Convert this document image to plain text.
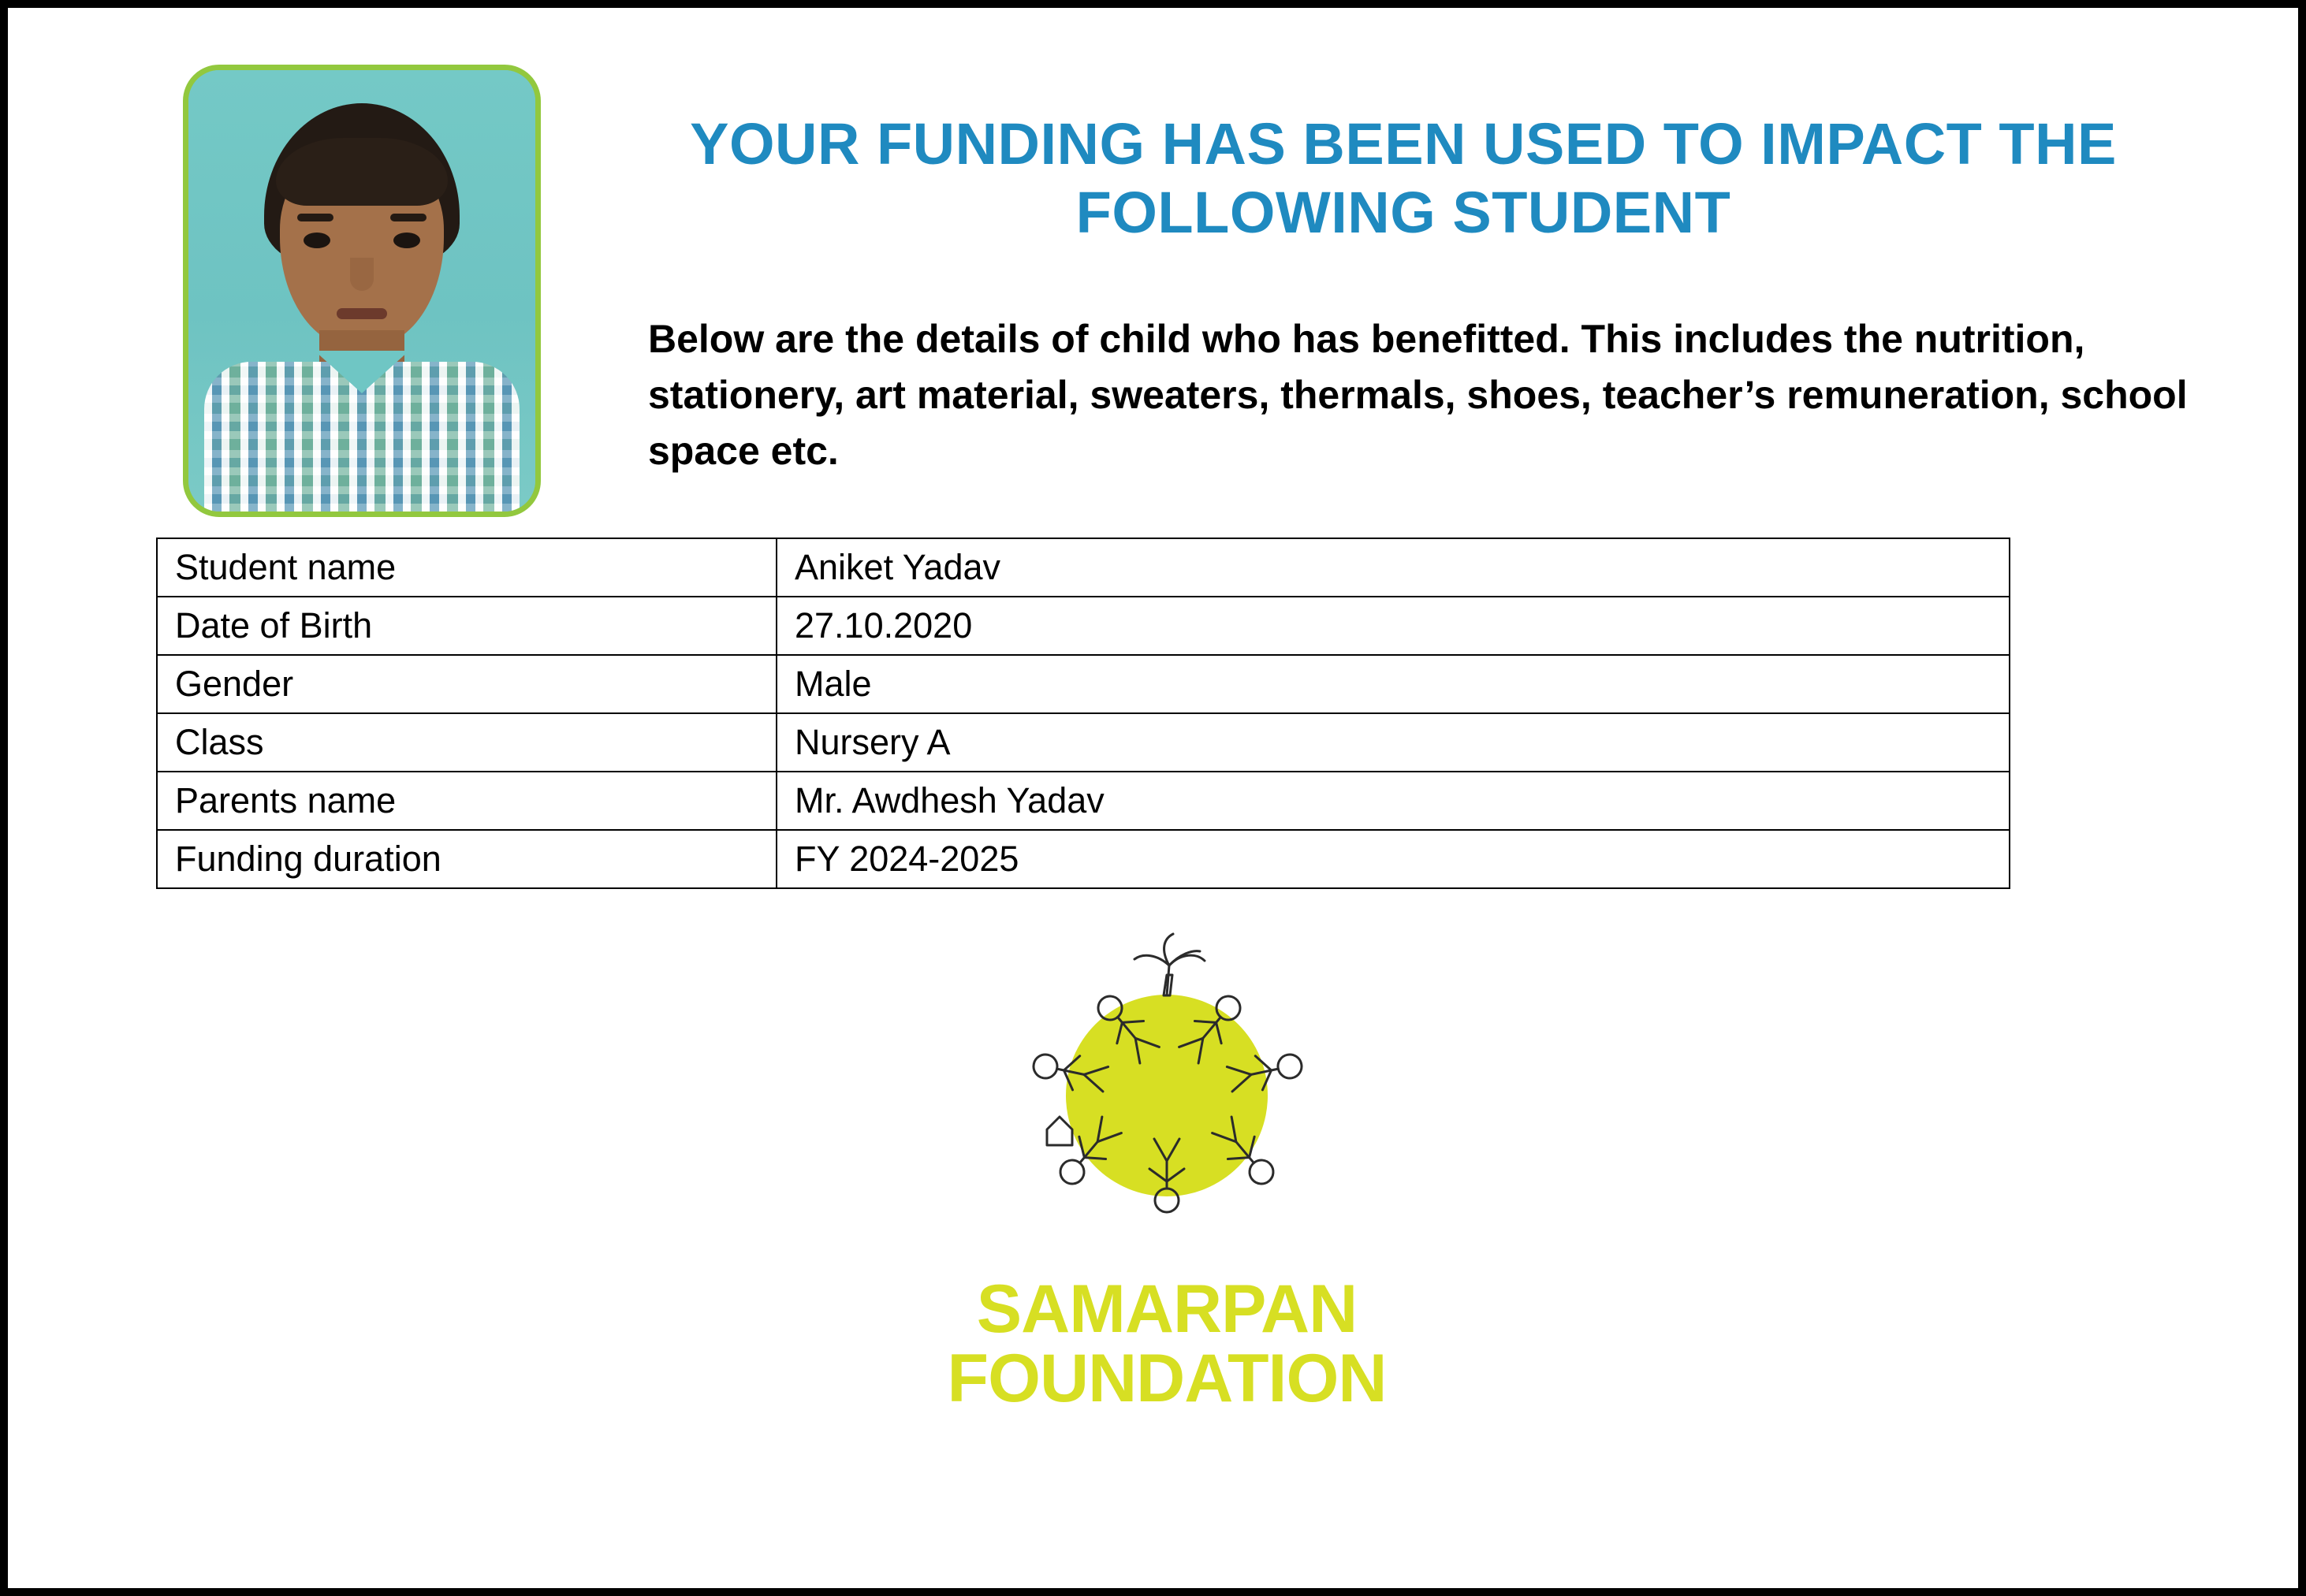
YOUR FUNDING HAS BEEN USED TO IMPACT THE FOLLOWING STUDENT
Below are the details of child who has benefitted. This includes the nutrition, stationery, art material, sweaters, thermals, shoes, teacher’s remuneration, school space etc.
Student name	Aniket Yadav
Date of Birth	27.10.2020
Gender	Male
Class	Nursery A
Parents name	Mr. Awdhesh Yadav
Funding duration	FY 2024-2025
SAMARPAN
FOUNDATION
